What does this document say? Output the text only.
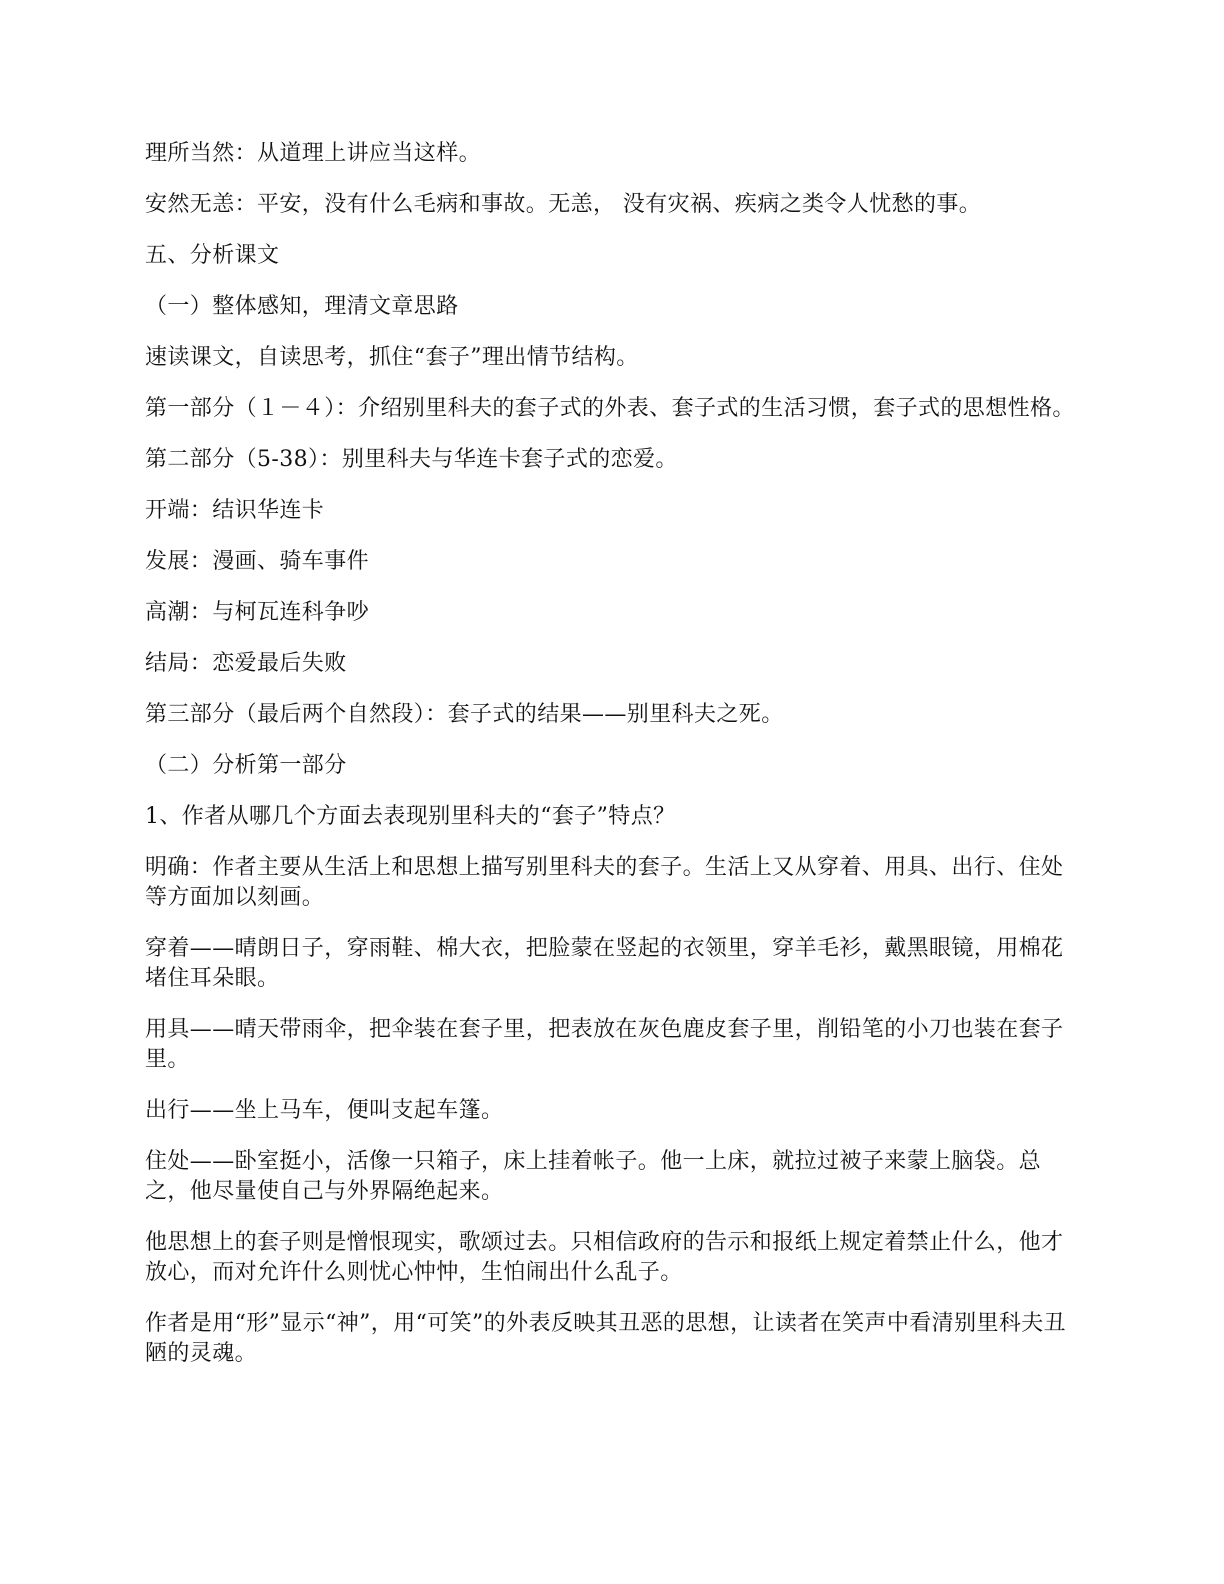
理所当然：从道理上讲应当这样。

安然无恙：平安，没有什么毛病和事故。无恙， 没有灾祸、疾病之类令人忧愁的事。

五、分析课文

（一）整体感知，理清文章思路

速读课文，自读思考，抓住“套子”理出情节结构。

第一部分（１－４）：介绍别里科夫的套子式的外表、套子式的生活习惯，套子式的思想性格。

第二部分（5-38）：别里科夫与华连卡套子式的恋爱。

开端：结识华连卡

发展：漫画、骑车事件

高潮：与柯瓦连科争吵

结局：恋爱最后失败

第三部分（最后两个自然段）：套子式的结果——别里科夫之死。

（二）分析第一部分

1、作者从哪几个方面去表现别里科夫的“套子”特点？

明确：作者主要从生活上和思想上描写别里科夫的套子。生活上又从穿着、用具、出行、住处等方面加以刻画。

穿着——晴朗日子，穿雨鞋、棉大衣，把脸蒙在竖起的衣领里，穿羊毛衫，戴黑眼镜，用棉花堵住耳朵眼。

用具——晴天带雨伞，把伞装在套子里，把表放在灰色鹿皮套子里，削铅笔的小刀也装在套子里。

出行——坐上马车，便叫支起车篷。

住处——卧室挺小，活像一只箱子，床上挂着帐子。他一上床，就拉过被子来蒙上脑袋。总之，他尽量使自己与外界隔绝起来。

他思想上的套子则是憎恨现实，歌颂过去。只相信政府的告示和报纸上规定着禁止什么，他才放心，而对允许什么则忧心忡忡，生怕闹出什么乱子。

作者是用“形”显示“神”，用“可笑”的外表反映其丑恶的思想，让读者在笑声中看清别里科夫丑陋的灵魂。
